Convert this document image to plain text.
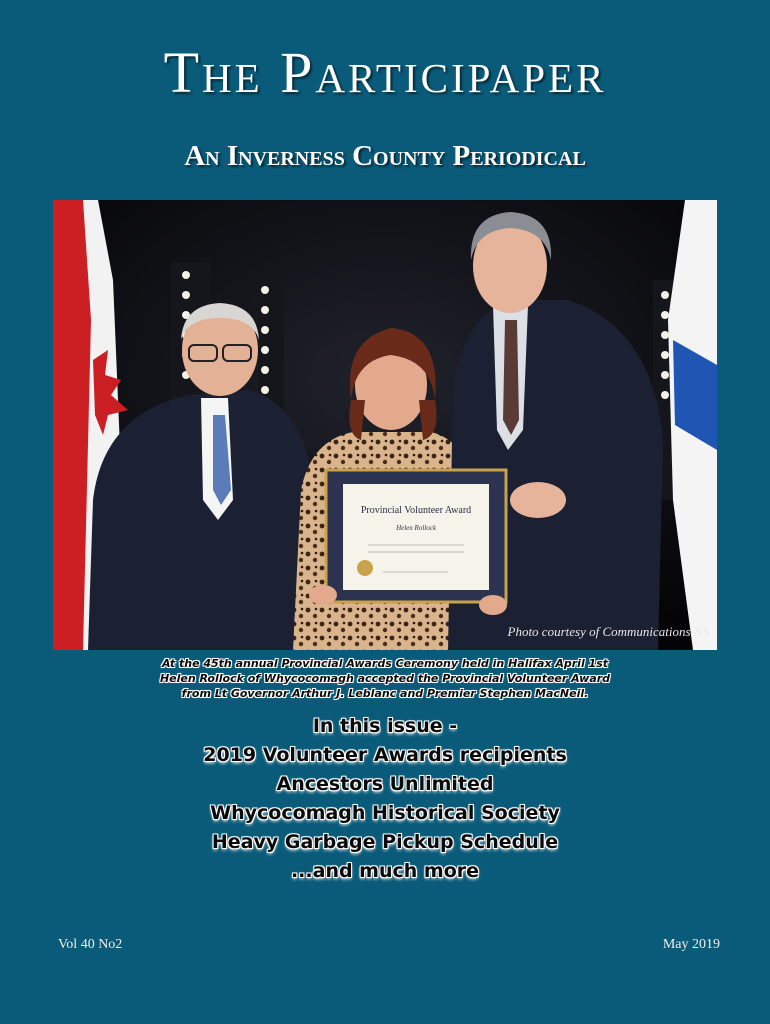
The Participaper
An Inverness County Periodical
Provincial Volunteer Award
Helen Rollock
Photo courtesy of Communications NS
At the 45th annual Provincial Awards Ceremony held in Halifax April 1st
Helen Rollock of Whycocomagh accepted the Provincial Volunteer Award
from Lt Governor Arthur J. Leblanc and Premier Stephen MacNeil.
In this issue -
2019 Volunteer Awards recipients
Ancestors Unlimited
Whycocomagh Historical Society
Heavy Garbage Pickup Schedule
...and much more
Vol 40 No2	May 2019
